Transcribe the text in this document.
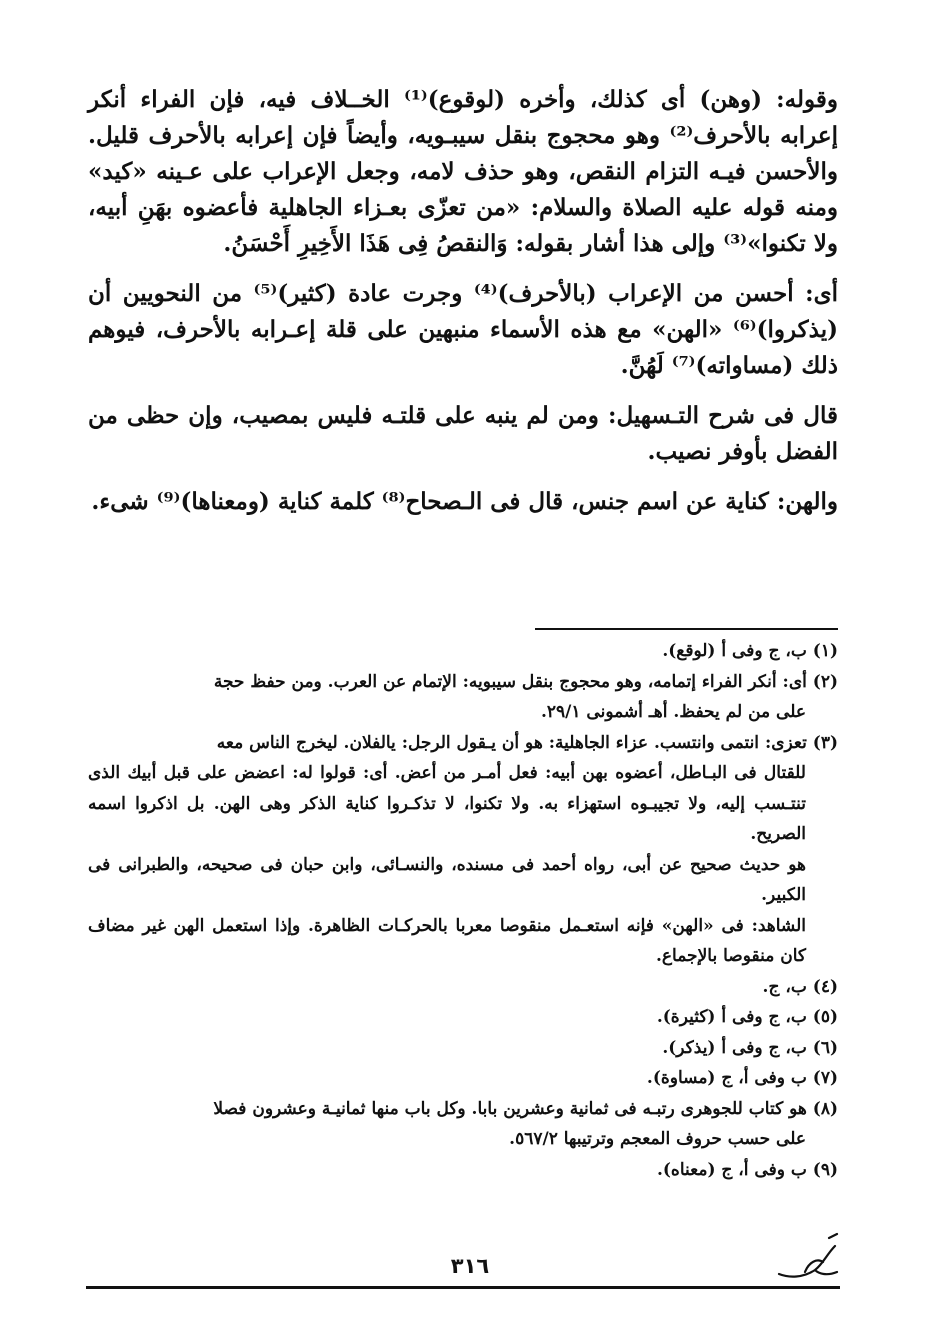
وقوله: (وهن) أى كذلك، وأخره (لوقوع)⁽¹⁾ الخــلاف فيه، فإن الفراء أنكر إعرابه بالأحرف⁽²⁾ وهو محجوج بنقل سيبـويه، وأيضاً فإن إعرابه بالأحرف قليل. والأحسن فيـه التزام النقص، وهو حذف لامه، وجعل الإعراب على عـينه «كيد» ومنه قوله عليه الصلاة والسلام: «من تعزّى بعـزاء الجاهلية فأعضوه بهَنِ أبيه، ولا تكنوا»⁽³⁾ وإلى هذا أشار بقوله: وَالنقصُ فِى هَذَا الأَخِيرِ أَحْسَنُ.

أى: أحسن من الإعراب (بالأحرف)⁽⁴⁾ وجرت عادة (كثير)⁽⁵⁾ من النحويين أن (يذكروا)⁽⁶⁾ «الهن» مع هذه الأسماء منبهين على قلة إعـرابه بالأحرف، فيوهم ذلك (مساواته)⁽⁷⁾ لَهُنَّ.

قال فى شرح التـسهيل: ومن لم ينبه على قلتـه فليس بمصيب، وإن حظى من الفضل بأوفر نصيب.

والهن: كناية عن اسم جنس، قال فى الـصحاح⁽⁸⁾ كلمة كناية (ومعناها)⁽⁹⁾ شىء.

(١) ب، ج وفى أ (لوقع).

(٢) أى: أنكر الفراء إتمامه، وهو محجوج بنقل سيبويه: الإتمام عن العرب. ومن حفظ حجة
على من لم يحفظ. أهـ أشمونى ٢٩/١.

(٣) تعزى: انتمى وانتسب. عزاء الجاهلية: هو أن يـقول الرجل: يالفلان. ليخرج الناس معه
للقتال فى البـاطل، أعضوه بهن أبيه: فعل أمـر من أعض. أى: قولوا له: اعضض على قبل أبيك الذى تنتـسب إليه، ولا تجيبـوه استهزاء به. ولا تكنوا، لا تذكـروا كناية الذكر وهى الهن. بل اذكروا اسمه الصريح.

هو حديث صحيح عن أبى، رواه أحمد فى مسنده، والنسـائى، وابن حبان فى صحيحه، والطبرانى فى الكبير.

الشاهد: فى «الهن» فإنه استعـمل منقوصا معربا بالحركـات الظاهرة. وإذا استعمل الهن غير مضاف كان منقوصا بالإجماع.

(٤) ب، ج.

(٥) ب، ج وفى أ (كثيرة).

(٦) ب، ج وفى أ (يذكر).

(٧) ب وفى أ، ج (مساوة).

(٨) هو كتاب للجوهرى رتبـه فى ثمانية وعشرين بابا. وكل باب منها ثمانيـة وعشرون فصلا
على حسب حروف المعجم وترتيبها ٥٦٧/٢.

(٩) ب وفى أ، ج (معناه).

٣١٦
